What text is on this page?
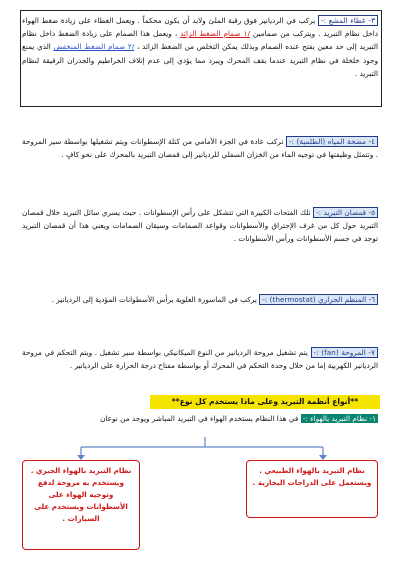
٣- غطاء المشع :- يركب في الرديانير فوق رقبة الملئ ولابد أن يكون محكماً . ويعمل الغطاء على زيادة ضغط الهواء داخل نظام التبريد . ويتركب من صمامين /١ صمام الضغط الزائد ، ويعمل هذا الصمام على زيادة الضغط داخل نظام التبريد إلى حد معين يفتح عنده الصمام وبذلك يمكن التخلص من الضغط الزائد ، /٢ صمام الضغط المنخفض الذي يمنع وجود خلخلة في نظام التبريد عندما يقف المحرك ويبرد مما يؤدي إلى عدم إتلاف الخراطيم والجدران الرقيقة لنظام التبريد .
٤- مضخة المياه (الطلمبة) :- تركب عادة في الجزء الأمامي من كتلة الإسطوانات ويتم تشغيلها بواسطة سير المروحة . وتتمثل وظيفتها في توجيه الماء من الخزان السفلي للرديانير إلى قمصان التبريد بالمحرك على نحو كافٍ .
٥- قمصان التبريد :- تلك الفتحات الكبيرة التي تتشكل على رأس الإسطوانات . حيث يسري سائل التبريد خلال قمصان التبريد حول كل من غرف الإحتراق والأسطوانات وقواعد الصمامات وسيقان الصمامات ويعني هذا أن قمصان التبريد توجد في جسم الأسطوانات ورأس الأسطوانات .
٦- المنظم الحراري (thermostat) :- يركب في الماسورة العلوية برأس الأسطوانات المؤدية إلى الرديانير .
٧- المروحة (fan) :- يتم تشغيل مروحة الرديانير من النوع الميكانيكي بواسطة سير تشغيل . ويتم التحكم في مروحة الرديانير الكهربية إما من خلال وحدة التحكم في المحرك أو بواسطة مفتاح درجة الحرارة على الرديانير .
**أنواع أنظمة التبريد وعلى ماذا يستخدم كل نوع**
١- نظام التبريد بالهواء :- في هذا النظام يستخدم الهواء في التبريد المباشر ويوجد من نوعان
نظام التبريد بالهواء الجبري .
ويستخدم به مروحة لدفع وتوجيه الهواء على الأسطوانات ويستخدم على السيارات .
نظام التبريد بالهواء الطبيعي .
ويستعمل على الدراجات البخارية .
